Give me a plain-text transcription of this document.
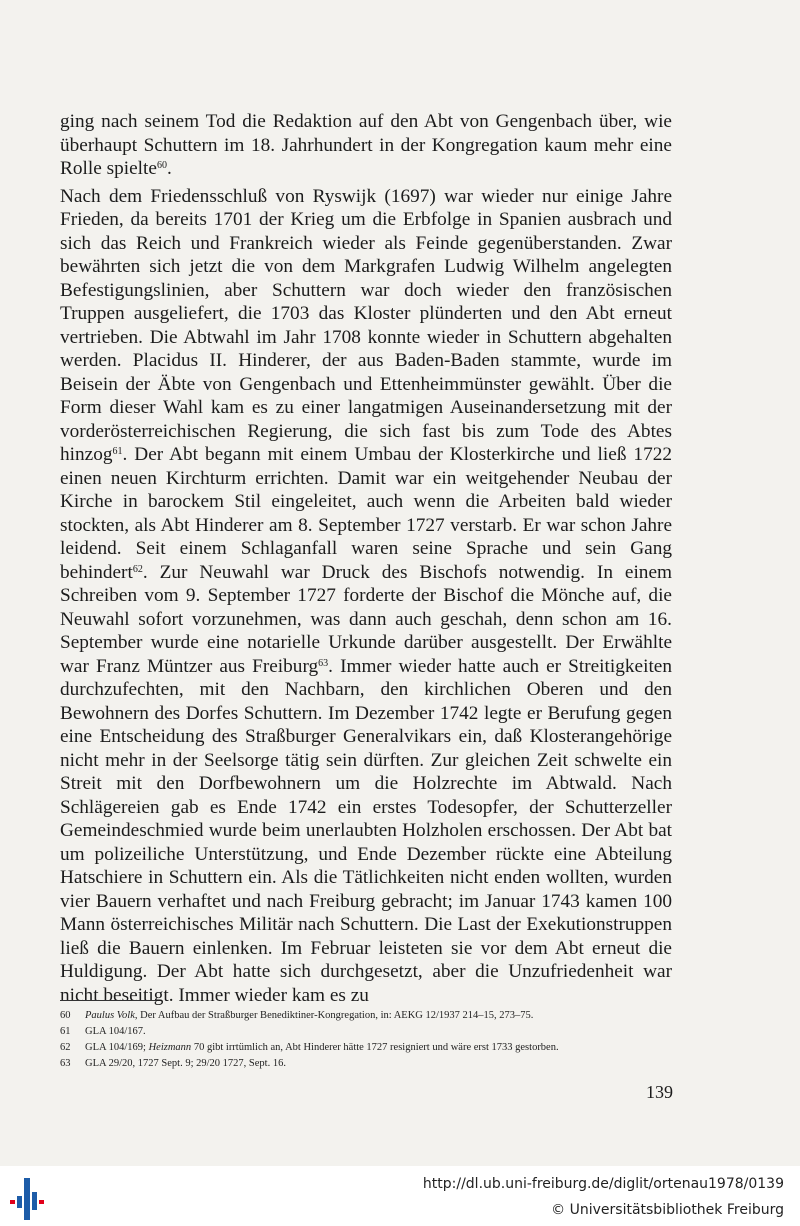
ging nach seinem Tod die Redaktion auf den Abt von Gengenbach über, wie überhaupt Schuttern im 18. Jahrhundert in der Kongregation kaum mehr eine Rolle spielte$^{60}$.

Nach dem Friedensschluß von Ryswijk (1697) war wieder nur einige Jahre Frieden, da bereits 1701 der Krieg um die Erbfolge in Spanien ausbrach und sich das Reich und Frankreich wieder als Feinde gegenüberstanden. Zwar bewährten sich jetzt die von dem Markgrafen Ludwig Wilhelm angelegten Befestigungslinien, aber Schuttern war doch wieder den französischen Truppen ausgeliefert, die 1703 das Kloster plünderten und den Abt erneut vertrieben. Die Abtwahl im Jahr 1708 konnte wieder in Schuttern abgehalten werden. Placidus II. Hinderer, der aus Baden-Baden stammte, wurde im Beisein der Äbte von Gengenbach und Ettenheimmünster gewählt. Über die Form dieser Wahl kam es zu einer langatmigen Auseinandersetzung mit der vorderösterreichischen Regierung, die sich fast bis zum Tode des Abtes hinzog$^{61}$. Der Abt begann mit einem Umbau der Klosterkirche und ließ 1722 einen neuen Kirchturm errichten. Damit war ein weitgehender Neubau der Kirche in barockem Stil eingeleitet, auch wenn die Arbeiten bald wieder stockten, als Abt Hinderer am 8. September 1727 verstarb. Er war schon Jahre leidend. Seit einem Schlaganfall waren seine Sprache und sein Gang behindert$^{62}$. Zur Neuwahl war Druck des Bischofs notwendig. In einem Schreiben vom 9. September 1727 forderte der Bischof die Mönche auf, die Neuwahl sofort vorzunehmen, was dann auch geschah, denn schon am 16. September wurde eine notarielle Urkunde darüber ausgestellt. Der Erwählte war Franz Müntzer aus Freiburg$^{63}$. Immer wieder hatte auch er Streitigkeiten durchzufechten, mit den Nachbarn, den kirchlichen Oberen und den Bewohnern des Dorfes Schuttern. Im Dezember 1742 legte er Berufung gegen eine Entscheidung des Straßburger Generalvikars ein, daß Klosterangehörige nicht mehr in der Seelsorge tätig sein dürften. Zur gleichen Zeit schwelte ein Streit mit den Dorfbewohnern um die Holzrechte im Abtwald. Nach Schlägereien gab es Ende 1742 ein erstes Todesopfer, der Schutterzeller Gemeindeschmied wurde beim unerlaubten Holzholen erschossen. Der Abt bat um polizeiliche Unterstützung, und Ende Dezember rückte eine Abteilung Hatschiere in Schuttern ein. Als die Tätlichkeiten nicht enden wollten, wurden vier Bauern verhaftet und nach Freiburg gebracht; im Januar 1743 kamen 100 Mann österreichisches Militär nach Schuttern. Die Last der Exekutionstruppen ließ die Bauern einlenken. Im Februar leisteten sie vor dem Abt erneut die Huldigung. Der Abt hatte sich durchgesetzt, aber die Unzufriedenheit war nicht beseitigt. Immer wieder kam es zu

60 Paulus Volk, Der Aufbau der Straßburger Benediktiner-Kongregation, in: AEKG 12/1937 214–15, 273–75.
61 GLA 104/167.
62 GLA 104/169; Heizmann 70 gibt irrtümlich an, Abt Hinderer hätte 1727 resigniert und wäre erst 1733 gestorben.
63 GLA 29/20, 1727 Sept. 9; 29/20 1727, Sept. 16.
139
http://dl.ub.uni-freiburg.de/diglit/ortenau1978/0139
© Universitätsbibliothek Freiburg
